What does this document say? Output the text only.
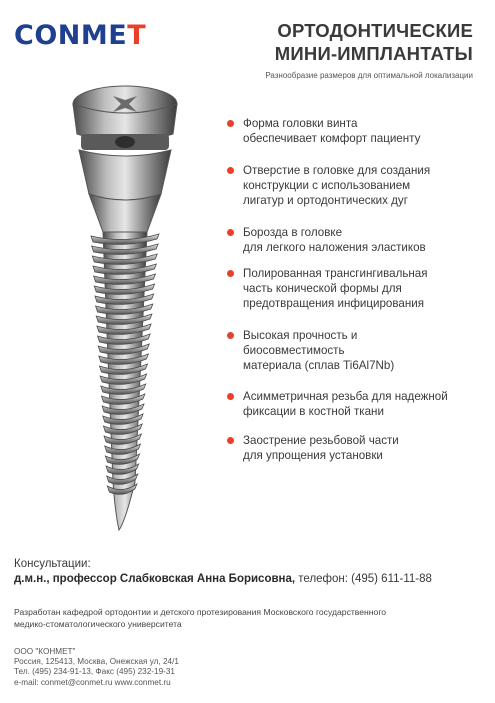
CONMET	ОРТОДОНТИЧЕСКИЕ
МИНИ-ИМПЛАНТАТЫ
Разнообразие размеров для оптимальной локализации
Форма головки винта
обеспечивает комфорт пациенту
Отверстие в головке для создания
конструкции с использованием
лигатур и ортодонтических дуг
Борозда в головке
для легкого наложения эластиков
Полированная трансгингивальная
часть конической формы для
предотвращения инфицирования
Высокая прочность и
биосовместимость
материала (сплав Ti6Al7Nb)
Асимметричная резьба для надежной
фиксации в костной ткани
Заострение резьбовой части
для упрощения установки
Консультации:
д.м.н., профессор Слабковская Анна Борисовна, телефон: (495) 611-11-88
Разработан кафедрой ортодонтии и детского протезирования Московского государственного
медико-стоматологического университета
ООО "КОНМЕТ"
Россия, 125413, Москва, Онежская ул, 24/1
Тел. (495) 234-91-13, Факс (495) 232-19-31
e-mail: conmet@conmet.ru www.conmet.ru
